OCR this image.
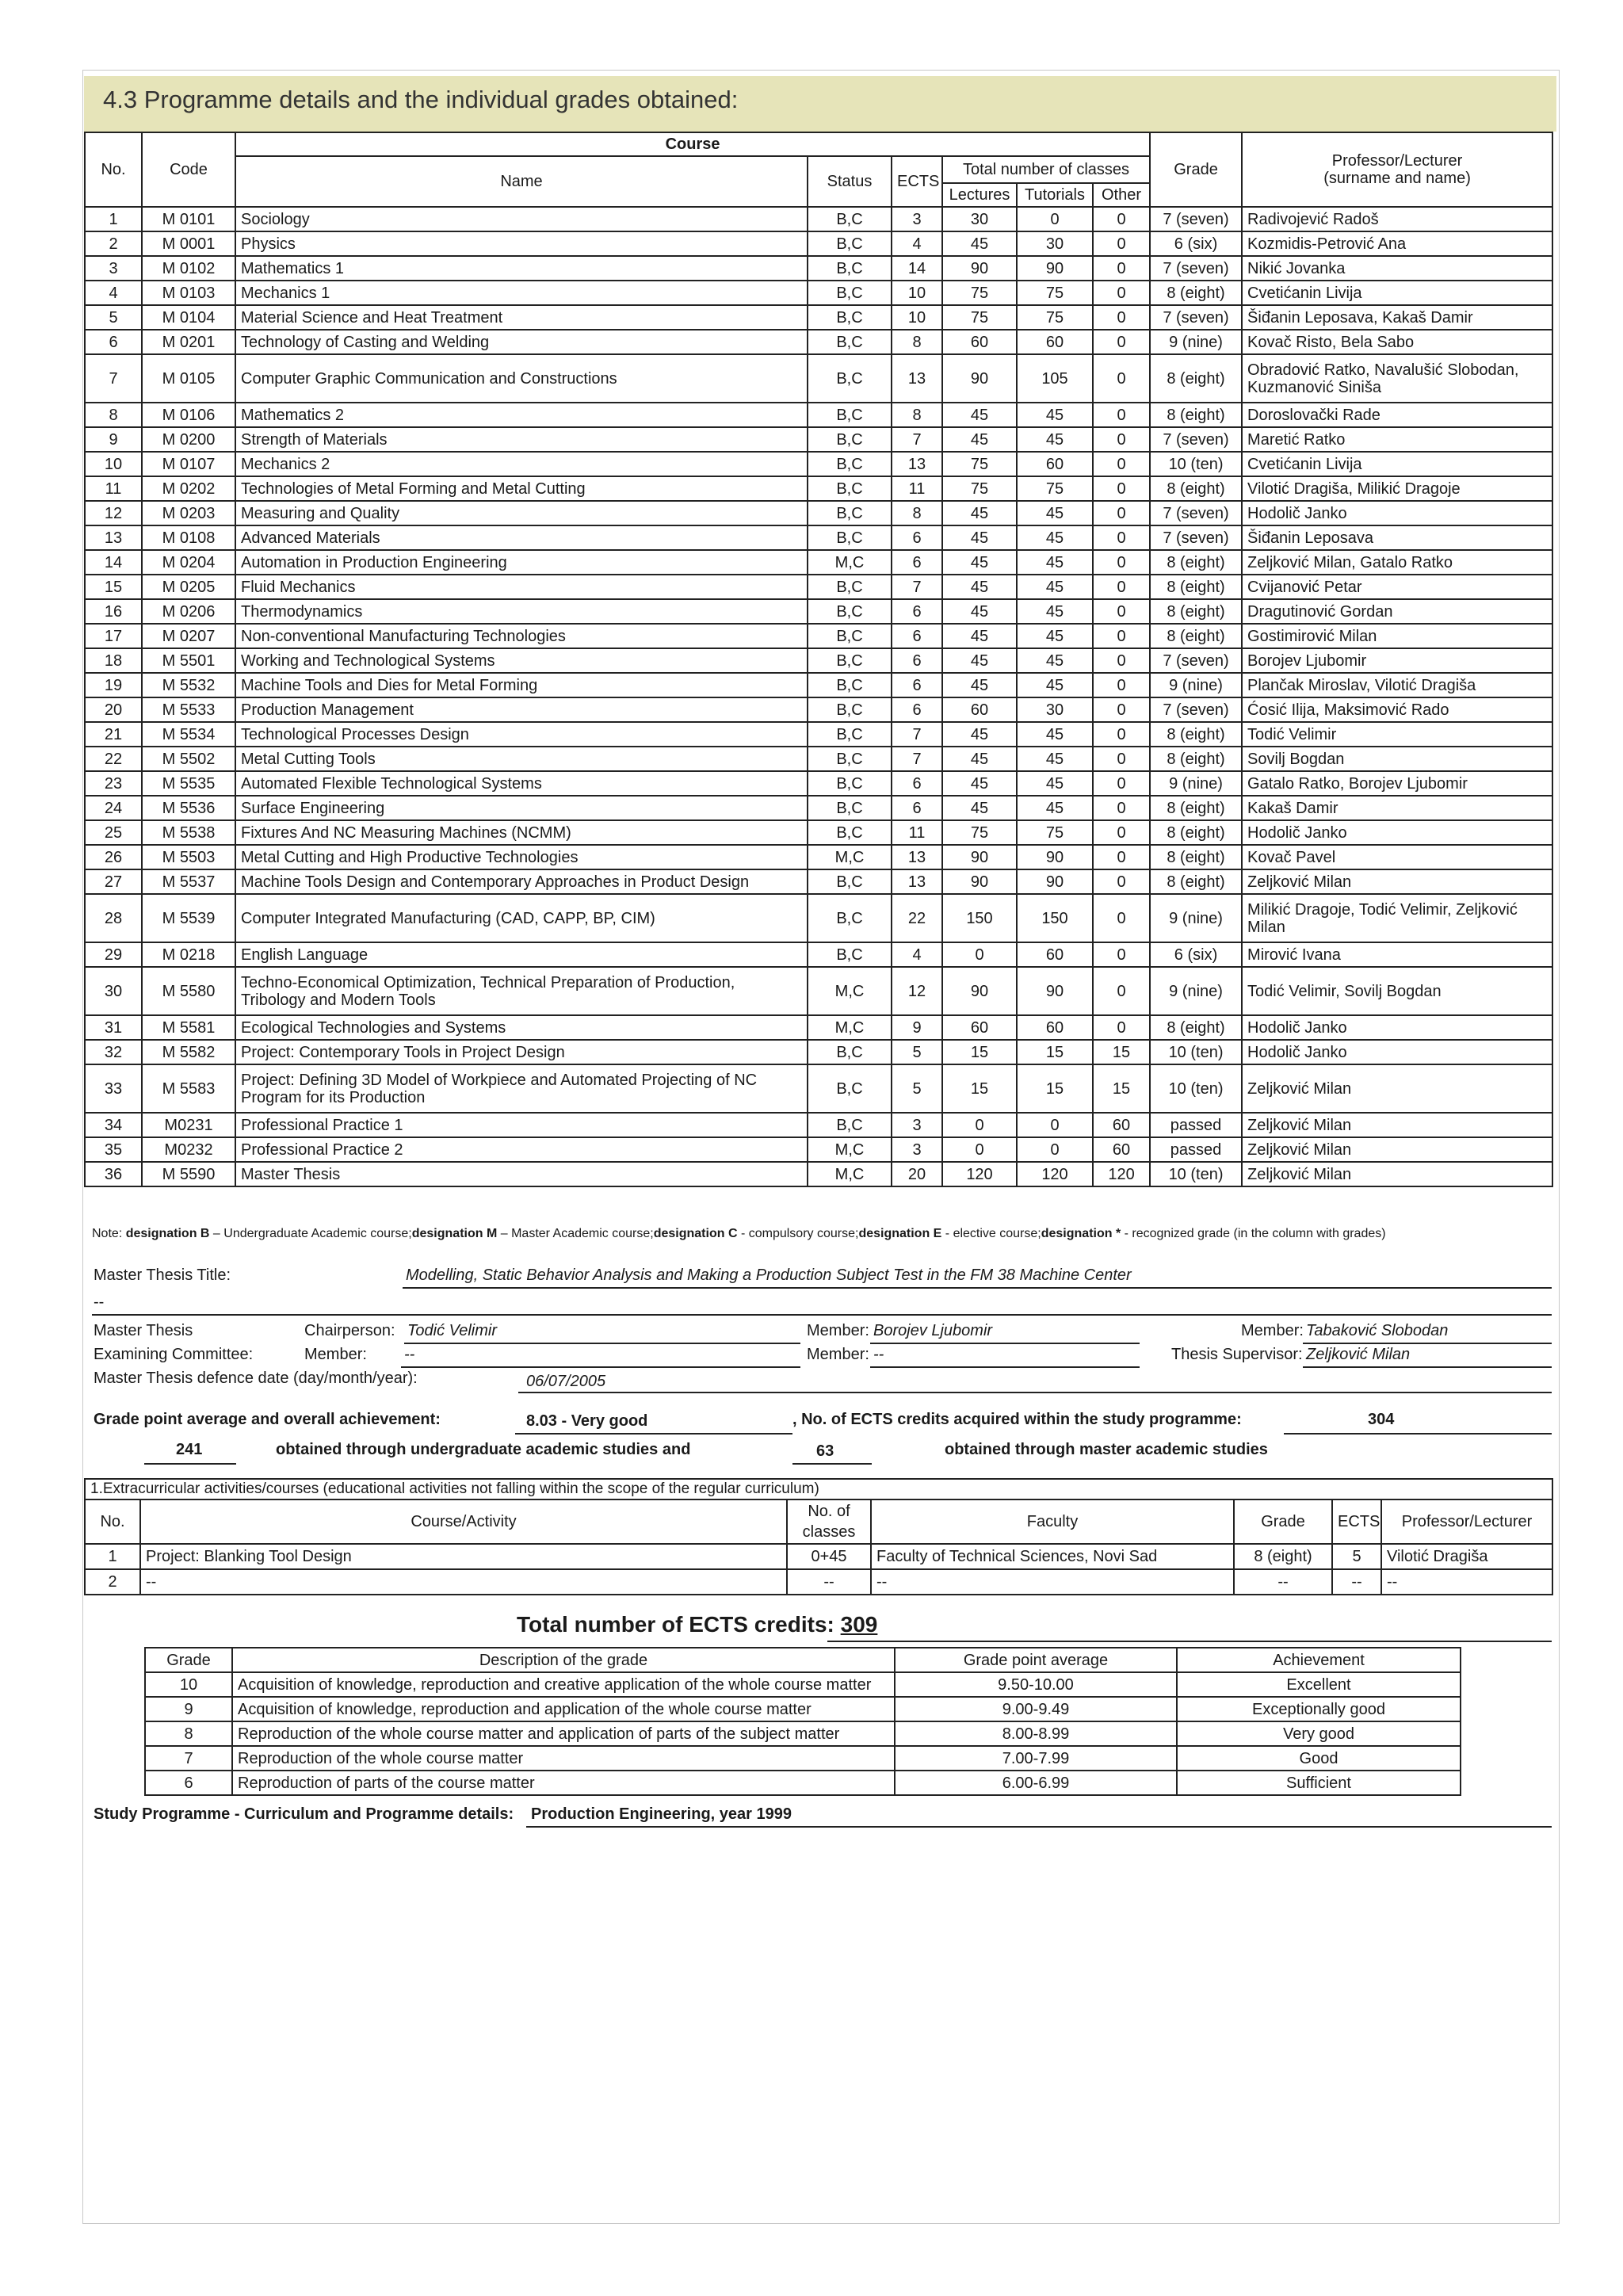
4.3 Programme details and the individual grades obtained:
No.	Code	Course						Grade	Professor/Lecturer
(surname and name)

		Name	Status	ECTS	Total number of classes				
					Lectures	Tutorials	Other		
1	M 0101	Sociology	B,C	3	30	0	0	7 (seven)	Radivojević Radoš
2	M 0001	Physics	B,C	4	45	30	0	6 (six)	Kozmidis-Petrović Ana
3	M 0102	Mathematics 1	B,C	14	90	90	0	7 (seven)	Nikić Jovanka
4	M 0103	Mechanics 1	B,C	10	75	75	0	8 (eight)	Cvetićanin Livija
5	M 0104	Material Science and Heat Treatment	B,C	10	75	75	0	7 (seven)	Šiđanin Leposava, Kakaš Damir
6	M 0201	Technology of Casting and Welding	B,C	8	60	60	0	9 (nine)	Kovač Risto, Bela Sabo
7	M 0105	Computer Graphic Communication and Constructions	B,C	13	90	105	0	8 (eight)	Obradović Ratko, Navalušić Slobodan, Kuzmanović Siniša
8	M 0106	Mathematics 2	B,C	8	45	45	0	8 (eight)	Doroslovački Rade
9	M 0200	Strength of Materials	B,C	7	45	45	0	7 (seven)	Maretić Ratko
10	M 0107	Mechanics 2	B,C	13	75	60	0	10 (ten)	Cvetićanin Livija
11	M 0202	Technologies of Metal Forming and Metal Cutting	B,C	11	75	75	0	8 (eight)	Vilotić Dragiša, Milikić Dragoje
12	M 0203	Measuring and Quality	B,C	8	45	45	0	7 (seven)	Hodolič Janko
13	M 0108	Advanced Materials	B,C	6	45	45	0	7 (seven)	Šiđanin Leposava
14	M 0204	Automation in Production Engineering	M,C	6	45	45	0	8 (eight)	Zeljković Milan, Gatalo Ratko
15	M 0205	Fluid Mechanics	B,C	7	45	45	0	8 (eight)	Cvijanović Petar
16	M 0206	Thermodynamics	B,C	6	45	45	0	8 (eight)	Dragutinović Gordan
17	M 0207	Non-conventional Manufacturing Technologies	B,C	6	45	45	0	8 (eight)	Gostimirović Milan
18	M 5501	Working and Technological Systems	B,C	6	45	45	0	7 (seven)	Borojev Ljubomir
19	M 5532	Machine Tools and Dies for Metal Forming	B,C	6	45	45	0	9 (nine)	Plančak Miroslav, Vilotić Dragiša
20	M 5533	Production Management	B,C	6	60	30	0	7 (seven)	Ćosić Ilija, Maksimović Rado
21	M 5534	Technological Processes Design	B,C	7	45	45	0	8 (eight)	Todić Velimir
22	M 5502	Metal Cutting Tools	B,C	7	45	45	0	8 (eight)	Sovilj Bogdan
23	M 5535	Automated Flexible Technological Systems	B,C	6	45	45	0	9 (nine)	Gatalo Ratko, Borojev Ljubomir
24	M 5536	Surface Engineering	B,C	6	45	45	0	8 (eight)	Kakaš Damir
25	M 5538	Fixtures And NC Measuring Machines (NCMM)	B,C	11	75	75	0	8 (eight)	Hodolič Janko
26	M 5503	Metal Cutting and High Productive Technologies	M,C	13	90	90	0	8 (eight)	Kovač Pavel
27	M 5537	Machine Tools Design and Contemporary Approaches in Product Design	B,C	13	90	90	0	8 (eight)	Zeljković Milan
28	M 5539	Computer Integrated Manufacturing (CAD, CAPP, BP, CIM)	B,C	22	150	150	0	9 (nine)	Milikić Dragoje, Todić Velimir, Zeljković Milan
29	M 0218	English Language	B,C	4	0	60	0	6 (six)	Mirović Ivana
30	M 5580	Techno-Economical Optimization, Technical Preparation of Production, Tribology and Modern Tools	M,C	12	90	90	0	9 (nine)	Todić Velimir, Sovilj Bogdan
31	M 5581	Ecological Technologies and Systems	M,C	9	60	60	0	8 (eight)	Hodolič Janko
32	M 5582	Project: Contemporary Tools in Project Design	B,C	5	15	15	15	10 (ten)	Hodolič Janko
33	M 5583	Project: Defining 3D Model of Workpiece and Automated Projecting of NC Program for its Production	B,C	5	15	15	15	10 (ten)	Zeljković Milan
34	M0231	Professional Practice 1	B,C	3	0	0	60	passed	Zeljković Milan
35	M0232	Professional Practice 2	M,C	3	0	0	60	passed	Zeljković Milan
36	M 5590	Master Thesis	M,C	20	120	120	120	10 (ten)	Zeljković Milan
Note: designation B – Undergraduate Academic course;designation M – Master Academic course;designation C - compulsory course;designation E - elective course;designation * - recognized grade (in the column with grades)
Master Thesis Title:	Modelling, Static Behavior Analysis and Making a Production Subject Test in the FM 38 Machine Center
--
Master Thesis
Examining Committee:
Chairperson: Todić Velimir	Member: Borojev Ljubomir	Member: Tabaković Slobodan
Member: --	Member: --	Thesis Supervisor: Zeljković Milan
Master Thesis defence date (day/month/year):	06/07/2005
Grade point average and overall achievement:	8.03 - Very good	, No. of ECTS credits acquired within the study programme:	304
241	obtained through undergraduate academic studies and	63	obtained through master academic studies
1.Extracurricular activities/courses (educational activities not falling within the scope of the regular curriculum)						
No.	Course/Activity	No. of classes	Faculty	Grade	ECTS	Professor/Lecturer
1	Project: Blanking Tool Design	0+45	Faculty of Technical Sciences, Novi Sad	8 (eight)	5	Vilotić Dragiša
2	--	--	--	--	--	--
Total number of ECTS credits: 309
Grade	Description of the grade	Grade point average	Achievement
10	Acquisition of knowledge, reproduction and creative application of the whole course matter	9.50-10.00	Excellent
9	Acquisition of knowledge, reproduction and application of the whole course matter	9.00-9.49	Exceptionally good
8	Reproduction of the whole course matter and application of parts of the subject matter	8.00-8.99	Very good
7	Reproduction of the whole course matter	7.00-7.99	Good
6	Reproduction of parts of the course matter	6.00-6.99	Sufficient
Study Programme - Curriculum and Programme details: Production Engineering, year 1999
